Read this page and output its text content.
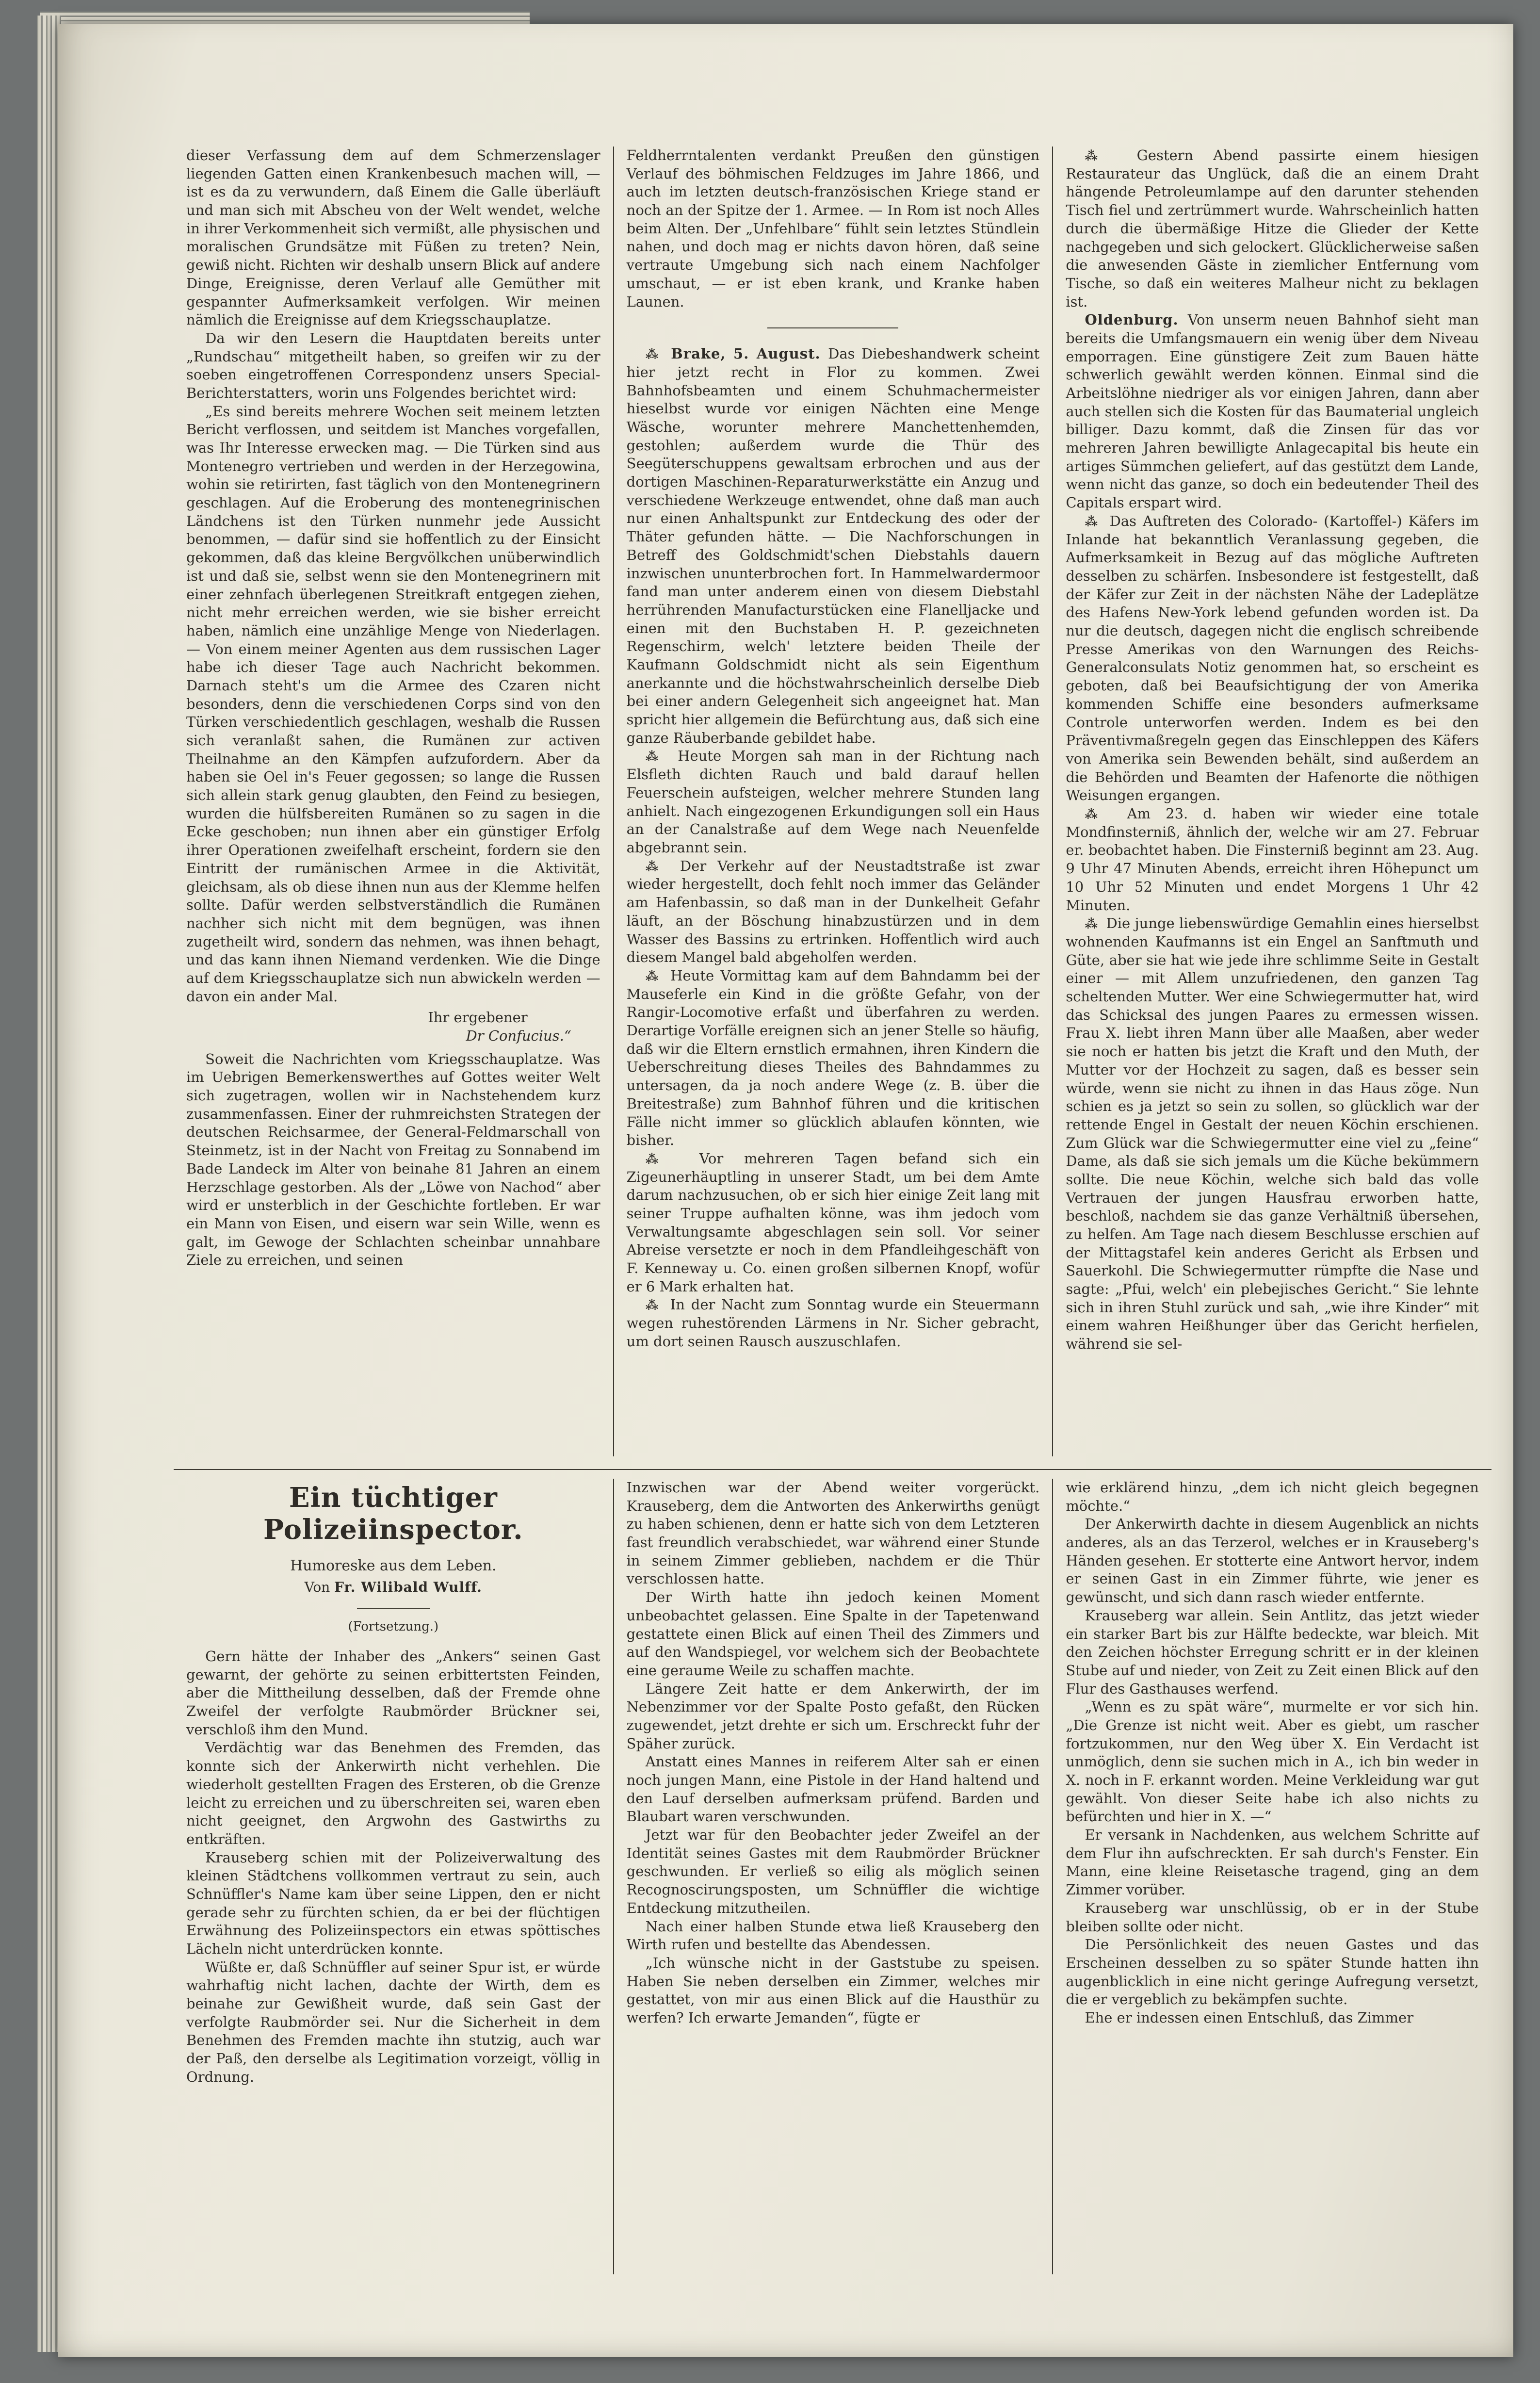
dieser Verfassung dem auf dem Schmerzenslager liegenden Gatten einen Krankenbesuch machen will, — ist es da zu verwundern, daß Einem die Galle überläuft und man sich mit Abscheu von der Welt wendet, welche in ihrer Verkommenheit sich vermißt, alle physischen und moralischen Grundsätze mit Füßen zu treten? Nein, gewiß nicht. Richten wir deshalb unsern Blick auf andere Dinge, Ereignisse, deren Verlauf alle Gemüther mit gespannter Aufmerksamkeit verfolgen. Wir meinen nämlich die Ereignisse auf dem Kriegsschauplatze.

Da wir den Lesern die Hauptdaten bereits unter „Rundschau“ mitgetheilt haben, so greifen wir zu der soeben eingetroffenen Correspondenz unsers Special-Berichterstatters, worin uns Folgendes berichtet wird:

„Es sind bereits mehrere Wochen seit meinem letzten Bericht verflossen, und seitdem ist Manches vorgefallen, was Ihr Interesse erwecken mag. — Die Türken sind aus Montenegro vertrieben und werden in der Herzegowina, wohin sie retirirten, fast täglich von den Montenegrinern geschlagen. Auf die Eroberung des montenegrinischen Ländchens ist den Türken nunmehr jede Aussicht benommen, — dafür sind sie hoffentlich zu der Einsicht gekommen, daß das kleine Bergvölkchen unüberwindlich ist und daß sie, selbst wenn sie den Montenegrinern mit einer zehnfach überlegenen Streitkraft entgegen ziehen, nicht mehr erreichen werden, wie sie bisher erreicht haben, nämlich eine unzählige Menge von Niederlagen. — Von einem meiner Agenten aus dem russischen Lager habe ich dieser Tage auch Nachricht bekommen. Darnach steht's um die Armee des Czaren nicht besonders, denn die verschiedenen Corps sind von den Türken verschiedentlich geschlagen, weshalb die Russen sich veranlaßt sahen, die Rumänen zur activen Theilnahme an den Kämpfen aufzufordern. Aber da haben sie Oel in's Feuer gegossen; so lange die Russen sich allein stark genug glaubten, den Feind zu besiegen, wurden die hülfsbereiten Rumänen so zu sagen in die Ecke geschoben; nun ihnen aber ein günstiger Erfolg ihrer Operationen zweifelhaft erscheint, fordern sie den Eintritt der rumänischen Armee in die Aktivität, gleichsam, als ob diese ihnen nun aus der Klemme helfen sollte. Dafür werden selbstverständlich die Rumänen nachher sich nicht mit dem begnügen, was ihnen zugetheilt wird, sondern das nehmen, was ihnen behagt, und das kann ihnen Niemand verdenken. Wie die Dinge auf dem Kriegsschauplatze sich nun abwickeln werden — davon ein ander Mal.

Ihr ergebener

Dr Confucius.“

Soweit die Nachrichten vom Kriegsschauplatze. Was im Uebrigen Bemerkenswerthes auf Gottes weiter Welt sich zugetragen, wollen wir in Nachstehendem kurz zusammenfassen. Einer der ruhmreichsten Strategen der deutschen Reichsarmee, der General-Feldmarschall von Steinmetz, ist in der Nacht von Freitag zu Sonnabend im Bade Landeck im Alter von beinahe 81 Jahren an einem Herzschlage gestorben. Als der „Löwe von Nachod“ aber wird er unsterblich in der Geschichte fortleben. Er war ein Mann von Eisen, und eisern war sein Wille, wenn es galt, im Gewoge der Schlachten scheinbar unnahbare Ziele zu erreichen, und seinen

Feldherrntalenten verdankt Preußen den günstigen Verlauf des böhmischen Feldzuges im Jahre 1866, und auch im letzten deutsch-französischen Kriege stand er noch an der Spitze der 1. Armee. — In Rom ist noch Alles beim Alten. Der „Unfehlbare“ fühlt sein letztes Stündlein nahen, und doch mag er nichts davon hören, daß seine vertraute Umgebung sich nach einem Nachfolger umschaut, — er ist eben krank, und Kranke haben Launen.

⁂ Brake, 5. August. Das Diebeshandwerk scheint hier jetzt recht in Flor zu kommen. Zwei Bahnhofsbeamten und einem Schuhmachermeister hieselbst wurde vor einigen Nächten eine Menge Wäsche, worunter mehrere Manchettenhemden, gestohlen; außerdem wurde die Thür des Seegüterschuppens gewaltsam erbrochen und aus der dortigen Maschinen-Reparaturwerkstätte ein Anzug und verschiedene Werkzeuge entwendet, ohne daß man auch nur einen Anhaltspunkt zur Entdeckung des oder der Thäter gefunden hätte. — Die Nachforschungen in Betreff des Goldschmidt'schen Diebstahls dauern inzwischen ununterbrochen fort. In Hammelwardermoor fand man unter anderem einen von diesem Diebstahl herrührenden Manufacturstücken eine Flanelljacke und einen mit den Buchstaben H. P. gezeichneten Regenschirm, welch' letztere beiden Theile der Kaufmann Goldschmidt nicht als sein Eigenthum anerkannte und die höchstwahrscheinlich derselbe Dieb bei einer andern Gelegenheit sich angeeignet hat. Man spricht hier allgemein die Befürchtung aus, daß sich eine ganze Räuberbande gebildet habe.

⁂ Heute Morgen sah man in der Richtung nach Elsfleth dichten Rauch und bald darauf hellen Feuerschein aufsteigen, welcher mehrere Stunden lang anhielt. Nach eingezogenen Erkundigungen soll ein Haus an der Canalstraße auf dem Wege nach Neuenfelde abgebrannt sein.

⁂ Der Verkehr auf der Neustadtstraße ist zwar wieder hergestellt, doch fehlt noch immer das Geländer am Hafenbassin, so daß man in der Dunkelheit Gefahr läuft, an der Böschung hinabzustürzen und in dem Wasser des Bassins zu ertrinken. Hoffentlich wird auch diesem Mangel bald abgeholfen werden.

⁂ Heute Vormittag kam auf dem Bahndamm bei der Mauseferle ein Kind in die größte Gefahr, von der Rangir-Locomotive erfaßt und überfahren zu werden. Derartige Vorfälle ereignen sich an jener Stelle so häufig, daß wir die Eltern ernstlich ermahnen, ihren Kindern die Ueberschreitung dieses Theiles des Bahndammes zu untersagen, da ja noch andere Wege (z. B. über die Breitestraße) zum Bahnhof führen und die kritischen Fälle nicht immer so glücklich ablaufen könnten, wie bisher.

⁂ Vor mehreren Tagen befand sich ein Zigeunerhäuptling in unserer Stadt, um bei dem Amte darum nachzusuchen, ob er sich hier einige Zeit lang mit seiner Truppe aufhalten könne, was ihm jedoch vom Verwaltungsamte abgeschlagen sein soll. Vor seiner Abreise versetzte er noch in dem Pfandleihgeschäft von F. Kenneway u. Co. einen großen silbernen Knopf, wofür er 6 Mark erhalten hat.

⁂ In der Nacht zum Sonntag wurde ein Steuermann wegen ruhestörenden Lärmens in Nr. Sicher gebracht, um dort seinen Rausch auszuschlafen.

⁂ Gestern Abend passirte einem hiesigen Restaurateur das Unglück, daß die an einem Draht hängende Petroleumlampe auf den darunter stehenden Tisch fiel und zertrümmert wurde. Wahrscheinlich hatten durch die übermäßige Hitze die Glieder der Kette nachgegeben und sich gelockert. Glücklicherweise saßen die anwesenden Gäste in ziemlicher Entfernung vom Tische, so daß ein weiteres Malheur nicht zu beklagen ist.

Oldenburg. Von unserm neuen Bahnhof sieht man bereits die Umfangsmauern ein wenig über dem Niveau emporragen. Eine günstigere Zeit zum Bauen hätte schwerlich gewählt werden können. Einmal sind die Arbeitslöhne niedriger als vor einigen Jahren, dann aber auch stellen sich die Kosten für das Baumaterial ungleich billiger. Dazu kommt, daß die Zinsen für das vor mehreren Jahren bewilligte Anlagecapital bis heute ein artiges Sümmchen geliefert, auf das gestützt dem Lande, wenn nicht das ganze, so doch ein bedeutender Theil des Capitals erspart wird.

⁂ Das Auftreten des Colorado- (Kartoffel-) Käfers im Inlande hat bekanntlich Veranlassung gegeben, die Aufmerksamkeit in Bezug auf das mögliche Auftreten desselben zu schärfen. Insbesondere ist festgestellt, daß der Käfer zur Zeit in der nächsten Nähe der Ladeplätze des Hafens New-York lebend gefunden worden ist. Da nur die deutsch, dagegen nicht die englisch schreibende Presse Amerikas von den Warnungen des Reichs-Generalconsulats Notiz genommen hat, so erscheint es geboten, daß bei Beaufsichtigung der von Amerika kommenden Schiffe eine besonders aufmerksame Controle unterworfen werden. Indem es bei den Präventivmaßregeln gegen das Einschleppen des Käfers von Amerika sein Bewenden behält, sind außerdem an die Behörden und Beamten der Hafenorte die nöthigen Weisungen ergangen.

⁂ Am 23. d. haben wir wieder eine totale Mondfinsterniß, ähnlich der, welche wir am 27. Februar er. beobachtet haben. Die Finsterniß beginnt am 23. Aug. 9 Uhr 47 Minuten Abends, erreicht ihren Höhepunct um 10 Uhr 52 Minuten und endet Morgens 1 Uhr 42 Minuten.

⁂ Die junge liebenswürdige Gemahlin eines hierselbst wohnenden Kaufmanns ist ein Engel an Sanftmuth und Güte, aber sie hat wie jede ihre schlimme Seite in Gestalt einer — mit Allem unzufriedenen, den ganzen Tag scheltenden Mutter. Wer eine Schwiegermutter hat, wird das Schicksal des jungen Paares zu ermessen wissen. Frau X. liebt ihren Mann über alle Maaßen, aber weder sie noch er hatten bis jetzt die Kraft und den Muth, der Mutter vor der Hochzeit zu sagen, daß es besser sein würde, wenn sie nicht zu ihnen in das Haus zöge. Nun schien es ja jetzt so sein zu sollen, so glücklich war der rettende Engel in Gestalt der neuen Köchin erschienen. Zum Glück war die Schwiegermutter eine viel zu „feine“ Dame, als daß sie sich jemals um die Küche bekümmern sollte. Die neue Köchin, welche sich bald das volle Vertrauen der jungen Hausfrau erworben hatte, beschloß, nachdem sie das ganze Verhältniß übersehen, zu helfen. Am Tage nach diesem Beschlusse erschien auf der Mittagstafel kein anderes Gericht als Erbsen und Sauerkohl. Die Schwiegermutter rümpfte die Nase und sagte: „Pfui, welch' ein plebejisches Gericht.“ Sie lehnte sich in ihren Stuhl zurück und sah, „wie ihre Kinder“ mit einem wahren Heißhunger über das Gericht herfielen, während sie sel-

Ein tüchtiger Polizeiinspector.
Humoreske aus dem Leben.
Von Fr. Wilibald Wulff.
(Fortsetzung.)

Gern hätte der Inhaber des „Ankers“ seinen Gast gewarnt, der gehörte zu seinen erbittertsten Feinden, aber die Mittheilung desselben, daß der Fremde ohne Zweifel der verfolgte Raubmörder Brückner sei, verschloß ihm den Mund.

Verdächtig war das Benehmen des Fremden, das konnte sich der Ankerwirth nicht verhehlen. Die wiederholt gestellten Fragen des Ersteren, ob die Grenze leicht zu erreichen und zu überschreiten sei, waren eben nicht geeignet, den Argwohn des Gastwirths zu entkräften.

Krauseberg schien mit der Polizeiverwaltung des kleinen Städtchens vollkommen vertraut zu sein, auch Schnüffler's Name kam über seine Lippen, den er nicht gerade sehr zu fürchten schien, da er bei der flüchtigen Erwähnung des Polizeiinspectors ein etwas spöttisches Lächeln nicht unterdrücken konnte.

Wüßte er, daß Schnüffler auf seiner Spur ist, er würde wahrhaftig nicht lachen, dachte der Wirth, dem es beinahe zur Gewißheit wurde, daß sein Gast der verfolgte Raubmörder sei. Nur die Sicherheit in dem Benehmen des Fremden machte ihn stutzig, auch war der Paß, den derselbe als Legitimation vorzeigt, völlig in Ordnung.

Inzwischen war der Abend weiter vorgerückt. Krauseberg, dem die Antworten des Ankerwirths genügt zu haben schienen, denn er hatte sich von dem Letzteren fast freundlich verabschiedet, war während einer Stunde in seinem Zimmer geblieben, nachdem er die Thür verschlossen hatte.

Der Wirth hatte ihn jedoch keinen Moment unbeobachtet gelassen. Eine Spalte in der Tapetenwand gestattete einen Blick auf einen Theil des Zimmers und auf den Wandspiegel, vor welchem sich der Beobachtete eine geraume Weile zu schaffen machte.

Längere Zeit hatte er dem Ankerwirth, der im Nebenzimmer vor der Spalte Posto gefaßt, den Rücken zugewendet, jetzt drehte er sich um. Erschreckt fuhr der Späher zurück.

Anstatt eines Mannes in reiferem Alter sah er einen noch jungen Mann, eine Pistole in der Hand haltend und den Lauf derselben aufmerksam prüfend. Barden und Blaubart waren verschwunden.

Jetzt war für den Beobachter jeder Zweifel an der Identität seines Gastes mit dem Raubmörder Brückner geschwunden. Er verließ so eilig als möglich seinen Recognoscirungsposten, um Schnüffler die wichtige Entdeckung mitzutheilen.

Nach einer halben Stunde etwa ließ Krauseberg den Wirth rufen und bestellte das Abendessen.

„Ich wünsche nicht in der Gaststube zu speisen. Haben Sie neben derselben ein Zimmer, welches mir gestattet, von mir aus einen Blick auf die Hausthür zu werfen? Ich erwarte Jemanden“, fügte er

wie erklärend hinzu, „dem ich nicht gleich begegnen möchte.“

Der Ankerwirth dachte in diesem Augenblick an nichts anderes, als an das Terzerol, welches er in Krauseberg's Händen gesehen. Er stotterte eine Antwort hervor, indem er seinen Gast in ein Zimmer führte, wie jener es gewünscht, und sich dann rasch wieder entfernte.

Krauseberg war allein. Sein Antlitz, das jetzt wieder ein starker Bart bis zur Hälfte bedeckte, war bleich. Mit den Zeichen höchster Erregung schritt er in der kleinen Stube auf und nieder, von Zeit zu Zeit einen Blick auf den Flur des Gasthauses werfend.

„Wenn es zu spät wäre“, murmelte er vor sich hin. „Die Grenze ist nicht weit. Aber es giebt, um rascher fortzukommen, nur den Weg über X. Ein Verdacht ist unmöglich, denn sie suchen mich in A., ich bin weder in X. noch in F. erkannt worden. Meine Verkleidung war gut gewählt. Von dieser Seite habe ich also nichts zu befürchten und hier in X. —“

Er versank in Nachdenken, aus welchem Schritte auf dem Flur ihn aufschreckten. Er sah durch's Fenster. Ein Mann, eine kleine Reisetasche tragend, ging an dem Zimmer vorüber.

Krauseberg war unschlüssig, ob er in der Stube bleiben sollte oder nicht.

Die Persönlichkeit des neuen Gastes und das Erscheinen desselben zu so später Stunde hatten ihn augenblicklich in eine nicht geringe Aufregung versetzt, die er vergeblich zu bekämpfen suchte.

Ehe er indessen einen Entschluß, das Zimmer
